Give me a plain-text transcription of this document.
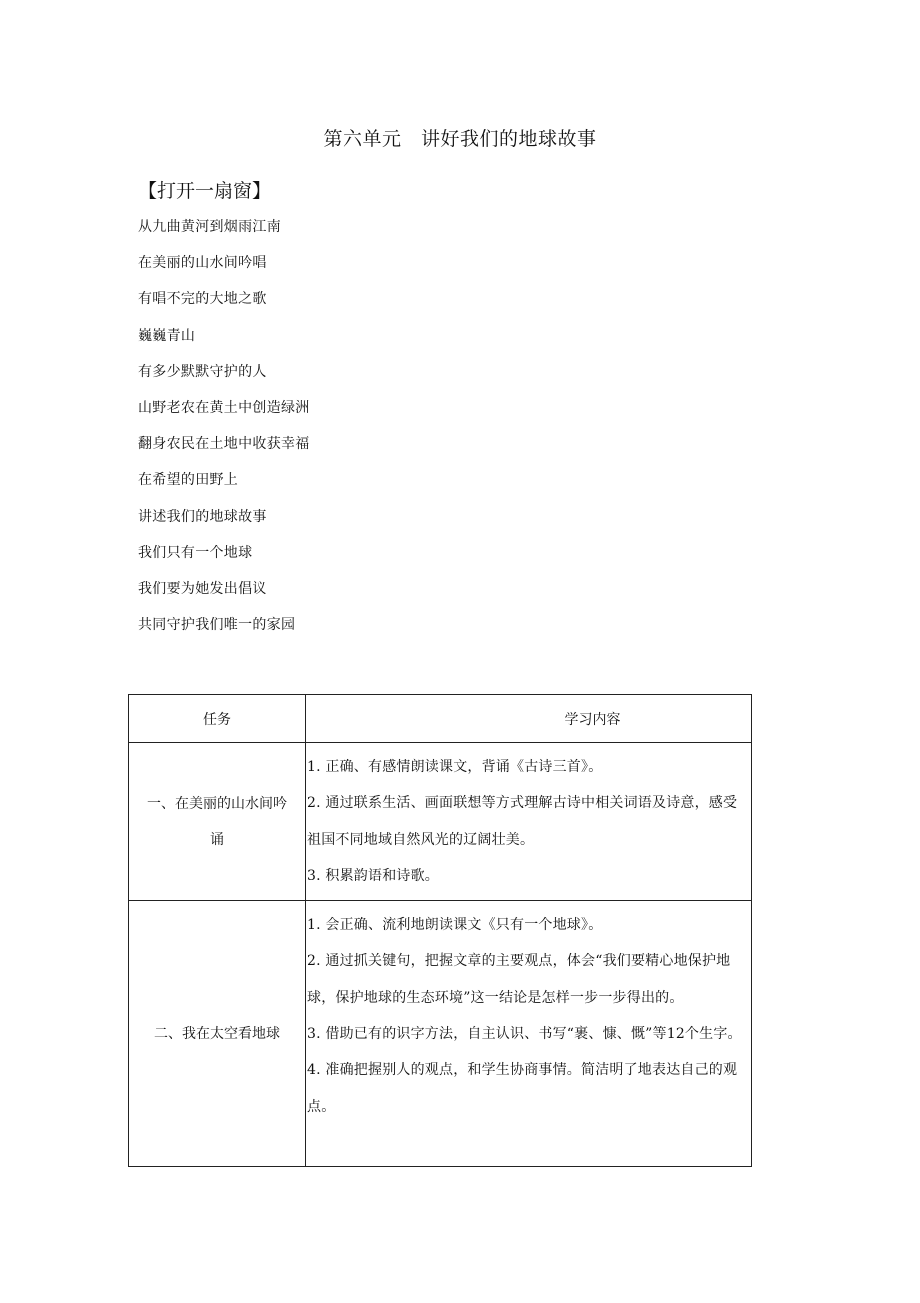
第六单元　讲好我们的地球故事
【打开一扇窗】
从九曲黄河到烟雨江南
在美丽的山水间吟唱
有唱不完的大地之歌
巍巍青山
有多少默默守护的人
山野老农在黄土中创造绿洲
翻身农民在土地中收获幸福
在希望的田野上
讲述我们的地球故事
我们只有一个地球
我们要为她发出倡议
共同守护我们唯一的家园
任务	学习内容
一、在美丽的山水间吟诵	1. 正确、有感情朗读课文，背诵《古诗三首》。
2. 通过联系生活、画面联想等方式理解古诗中相关词语及诗意，感受祖国不同地域自然风光的辽阔壮美。
3. 积累韵语和诗歌。

二、我在太空看地球	1. 会正确、流利地朗读课文《只有一个地球》。
2. 通过抓关键句，把握文章的主要观点，体会“我们要精心地保护地球，保护地球的生态环境”这一结论是怎样一步一步得出的。
3. 借助已有的识字方法，自主认识、书写“裹、慷、慨”等12个生字。
4. 准确把握别人的观点，和学生协商事情。简洁明了地表达自己的观点。
